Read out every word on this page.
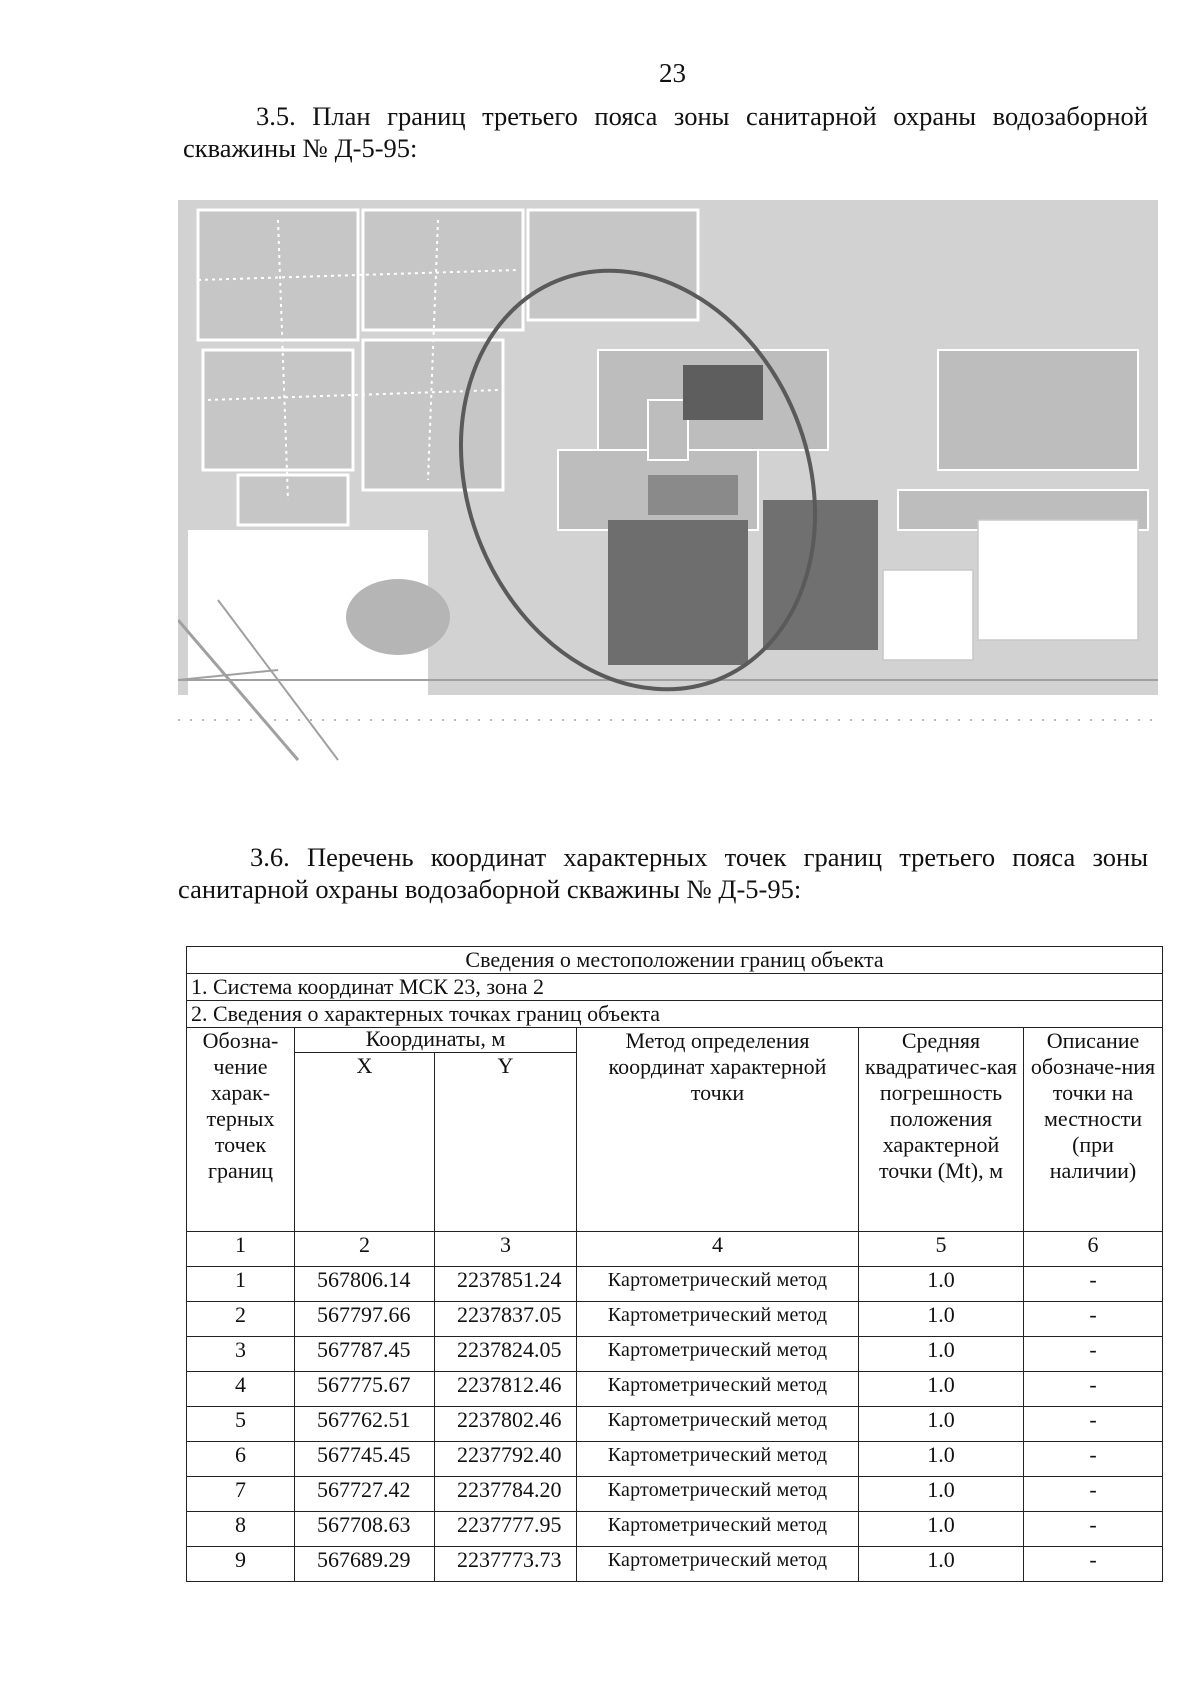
23
3.5. План границ третьего пояса зоны санитарной охраны водозаборной скважины № Д-5-95:
3.6. Перечень координат характерных точек границ третьего пояса зоны санитарной охраны водозаборной скважины № Д-5-95:
Сведения о местоположении границ объекта					
1. Система координат МСК 23, зона 2					
2. Сведения о характерных точках границ объекта					
Обозна-чение харак-терных точек границ	Координаты, м		Метод определения координат характерной точки	Средняя квадратичес-кая погрешность положения характерной точки (Mt), м	Описание обозначе-ния точки на местности (при наличии)
	X	Y			
1	2	3	4	5	6
1	567806.14	2237851.24	Картометрический метод	1.0	-
2	567797.66	2237837.05	Картометрический метод	1.0	-
3	567787.45	2237824.05	Картометрический метод	1.0	-
4	567775.67	2237812.46	Картометрический метод	1.0	-
5	567762.51	2237802.46	Картометрический метод	1.0	-
6	567745.45	2237792.40	Картометрический метод	1.0	-
7	567727.42	2237784.20	Картометрический метод	1.0	-
8	567708.63	2237777.95	Картометрический метод	1.0	-
9	567689.29	2237773.73	Картометрический метод	1.0	-
